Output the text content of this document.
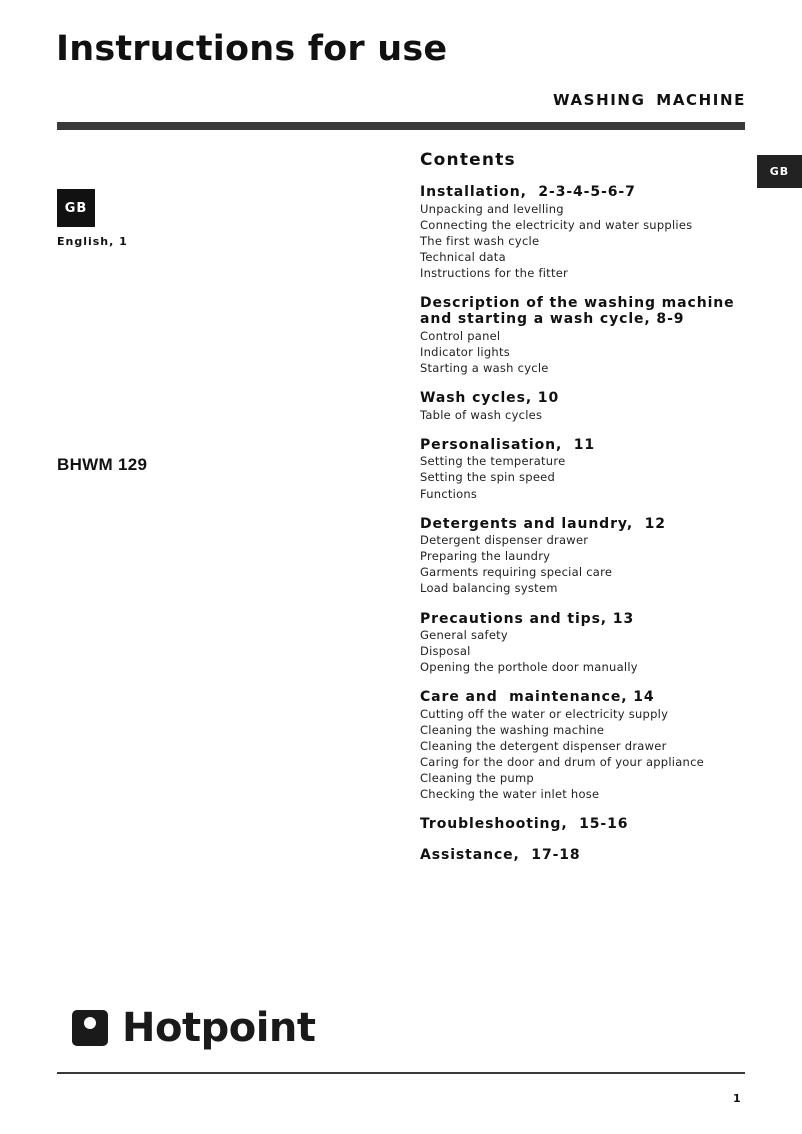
Instructions for use
WASHING MACHINE
GB
English, 1
BHWM 129
GB
Contents
Installation,  2-3-4-5-6-7
Unpacking and levelling
Connecting the electricity and water supplies
The first wash cycle
Technical data
Instructions for the fitter
Description of the washing machine
and starting a wash cycle, 8-9
Control panel
Indicator lights
Starting a wash cycle
Wash cycles, 10
Table of wash cycles
Personalisation,  11
Setting the temperature
Setting the spin speed
Functions
Detergents and laundry,  12
Detergent dispenser drawer
Preparing the laundry
Garments requiring special care
Load balancing system
Precautions and tips, 13
General safety
Disposal
Opening the porthole door manually
Care and  maintenance, 14
Cutting off the water or electricity supply
Cleaning the washing machine
Cleaning the detergent dispenser drawer
Caring for the door and drum of your appliance
Cleaning the pump
Checking the water inlet hose
Troubleshooting,  15-16
Assistance,  17-18
Hotpoint
1
